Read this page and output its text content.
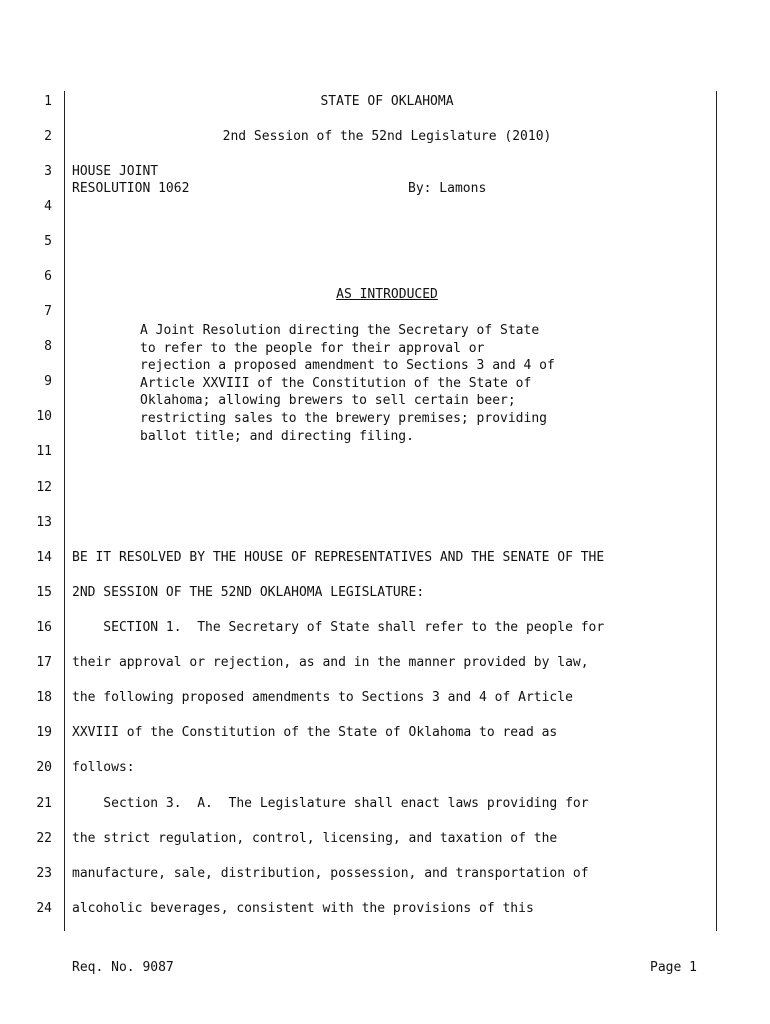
1
2
3
4
5
6
7
8
9
10
11
12
13
14
15
16
17
18
19
20
21
22
23
24
STATE OF OKLAHOMA
2nd Session of the 52nd Legislature (2010)
HOUSE JOINT
RESOLUTION 1062	By: Lamons
AS INTRODUCED
A Joint Resolution directing the Secretary of State
to refer to the people for their approval or
rejection a proposed amendment to Sections 3 and 4 of
Article XXVIII of the Constitution of the State of
Oklahoma; allowing brewers to sell certain beer;
restricting sales to the brewery premises; providing
ballot title; and directing filing.
BE IT RESOLVED BY THE HOUSE OF REPRESENTATIVES AND THE SENATE OF THE
2ND SESSION OF THE 52ND OKLAHOMA LEGISLATURE:
SECTION 1.  The Secretary of State shall refer to the people for
their approval or rejection, as and in the manner provided by law,
the following proposed amendments to Sections 3 and 4 of Article
XXVIII of the Constitution of the State of Oklahoma to read as
follows:
Section 3.  A.  The Legislature shall enact laws providing for
the strict regulation, control, licensing, and taxation of the
manufacture, sale, distribution, possession, and transportation of
alcoholic beverages, consistent with the provisions of this
Req. No. 9087	Page 1
